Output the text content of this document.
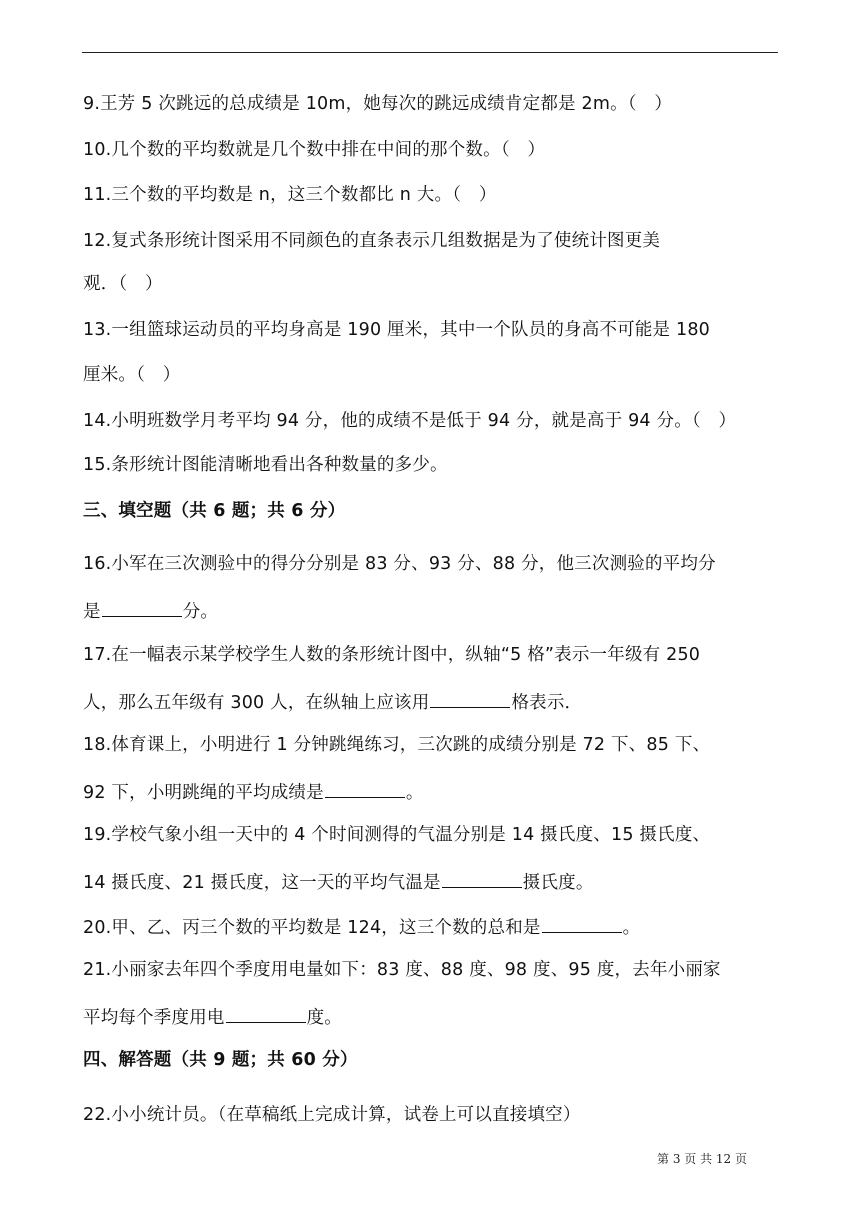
9.王芳 5 次跳远的总成绩是 10m，她每次的跳远成绩肯定都是 2m。（　）
10.几个数的平均数就是几个数中排在中间的那个数。（　）
11.三个数的平均数是 n，这三个数都比 n 大。（　）
12.复式条形统计图采用不同颜色的直条表示几组数据是为了使统计图更美
观．（　）
13.一组篮球运动员的平均身高是 190 厘米，其中一个队员的身高不可能是 180
厘米。（　）
14.小明班数学月考平均 94 分，他的成绩不是低于 94 分，就是高于 94 分。（　）
15.条形统计图能清晰地看出各种数量的多少。
三、填空题（共 6 题；共 6 分）
16.小军在三次测验中的得分分别是 83 分、93 分、88 分，他三次测验的平均分
是	分。
17.在一幅表示某学校学生人数的条形统计图中，纵轴“5 格”表示一年级有 250
人，那么五年级有 300 人，在纵轴上应该用	格表示．
18.体育课上，小明进行 1 分钟跳绳练习，三次跳的成绩分别是 72 下、85 下、
92 下，小明跳绳的平均成绩是	。
19.学校气象小组一天中的 4 个时间测得的气温分别是 14 摄氏度、15 摄氏度、
14 摄氏度、21 摄氏度，这一天的平均气温是	摄氏度。
20.甲、乙、丙三个数的平均数是 124，这三个数的总和是	。
21.小丽家去年四个季度用电量如下：83 度、88 度、98 度、95 度，去年小丽家
平均每个季度用电	度。
四、解答题（共 9 题；共 60 分）
22.小小统计员。（在草稿纸上完成计算，试卷上可以直接填空）
第 3 页 共 12 页
